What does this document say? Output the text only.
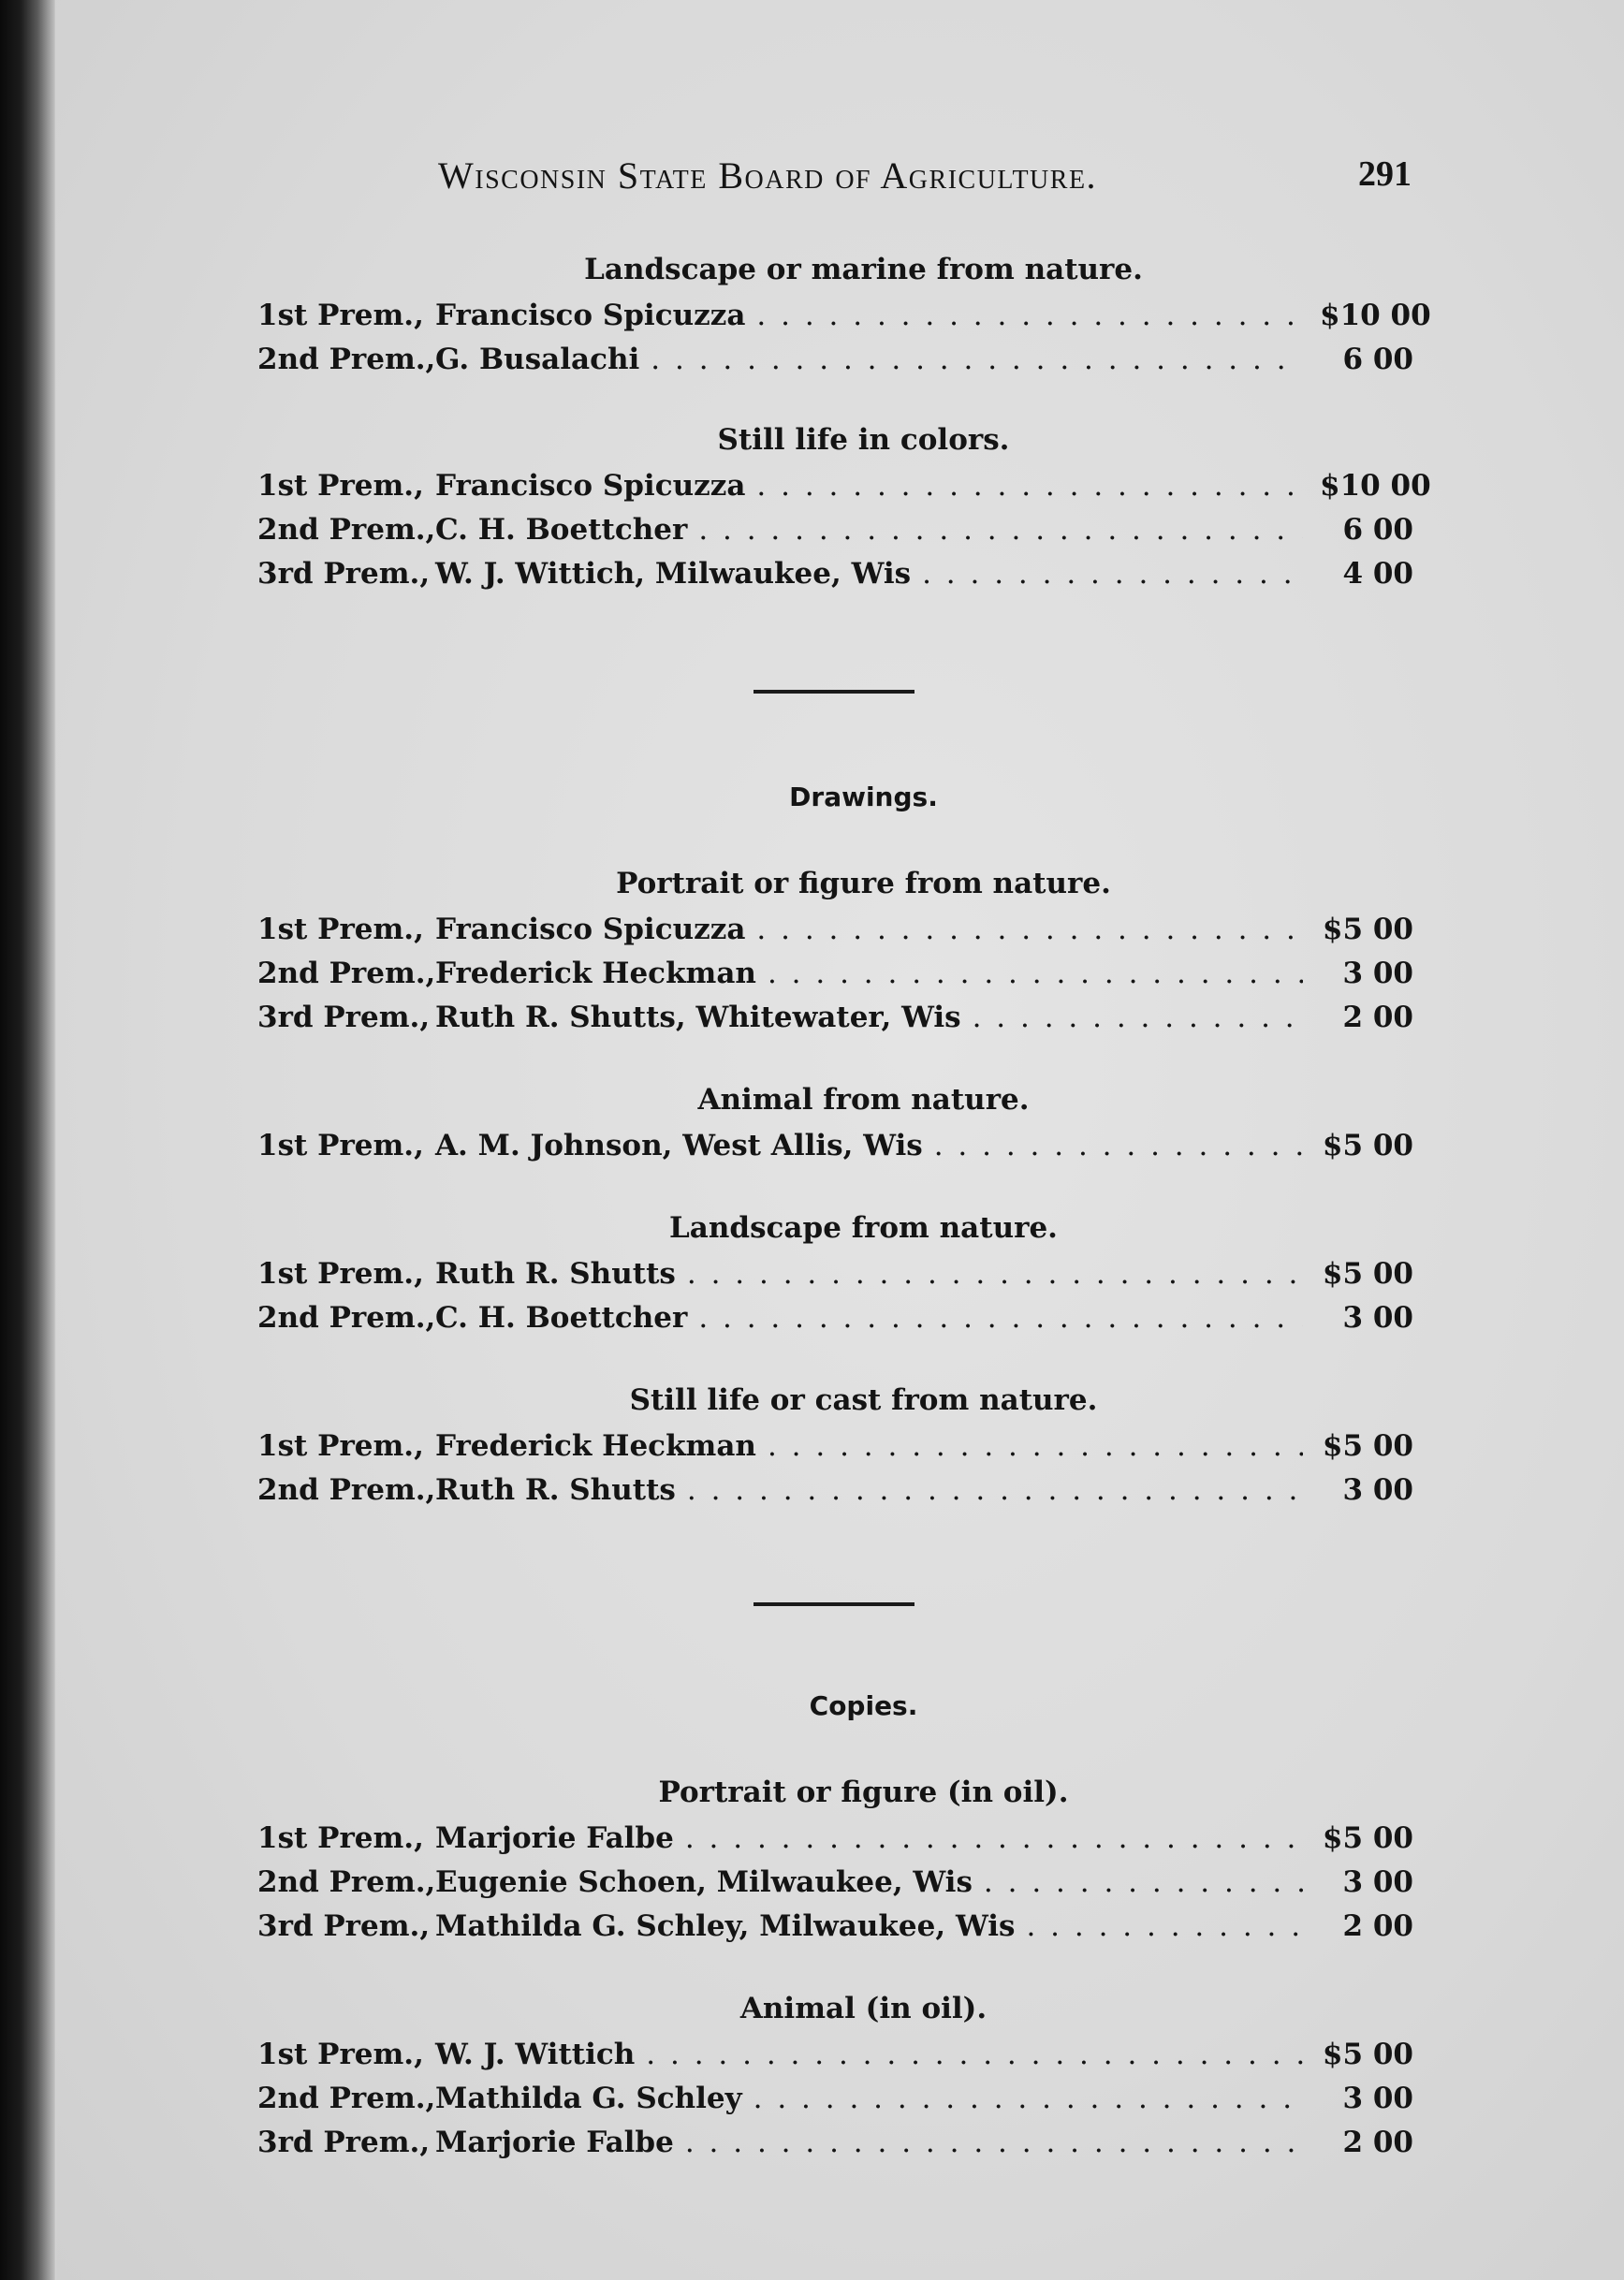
Wisconsin State Board of Agriculture.	291
Landscape or marine from nature.
1st Prem., Francisco Spicuzza . . .	$10 00
2nd Prem., G. Busalachi . . .	6 00
Still life in colors.
1st Prem., Francisco Spicuzza . . .	$10 00
2nd Prem., C. H. Boettcher . . .	6 00
3rd Prem., W. J. Wittich, Milwaukee, Wis . . .	4 00
Drawings.
Portrait or figure from nature.
1st Prem., Francisco Spicuzza . . .	$5 00
2nd Prem., Frederick Heckman . . .	3 00
3rd Prem., Ruth R. Shutts, Whitewater, Wis . . .	2 00
Animal from nature.
1st Prem., A. M. Johnson, West Allis, Wis . . .	$5 00
Landscape from nature.
1st Prem., Ruth R. Shutts . . .	$5 00
2nd Prem., C. H. Boettcher . . .	3 00
Still life or cast from nature.
1st Prem., Frederick Heckman . . .	$5 00
2nd Prem., Ruth R. Shutts . . .	3 00
Copies.
Portrait or figure (in oil).
1st Prem., Marjorie Falbe . . .	$5 00
2nd Prem., Eugenie Schoen, Milwaukee, Wis . . .	3 00
3rd Prem., Mathilda G. Schley, Milwaukee, Wis . . .	2 00
Animal (in oil).
1st Prem., W. J. Wittich . . .	$5 00
2nd Prem., Mathilda G. Schley . . .	3 00
3rd Prem., Marjorie Falbe . . .	2 00
